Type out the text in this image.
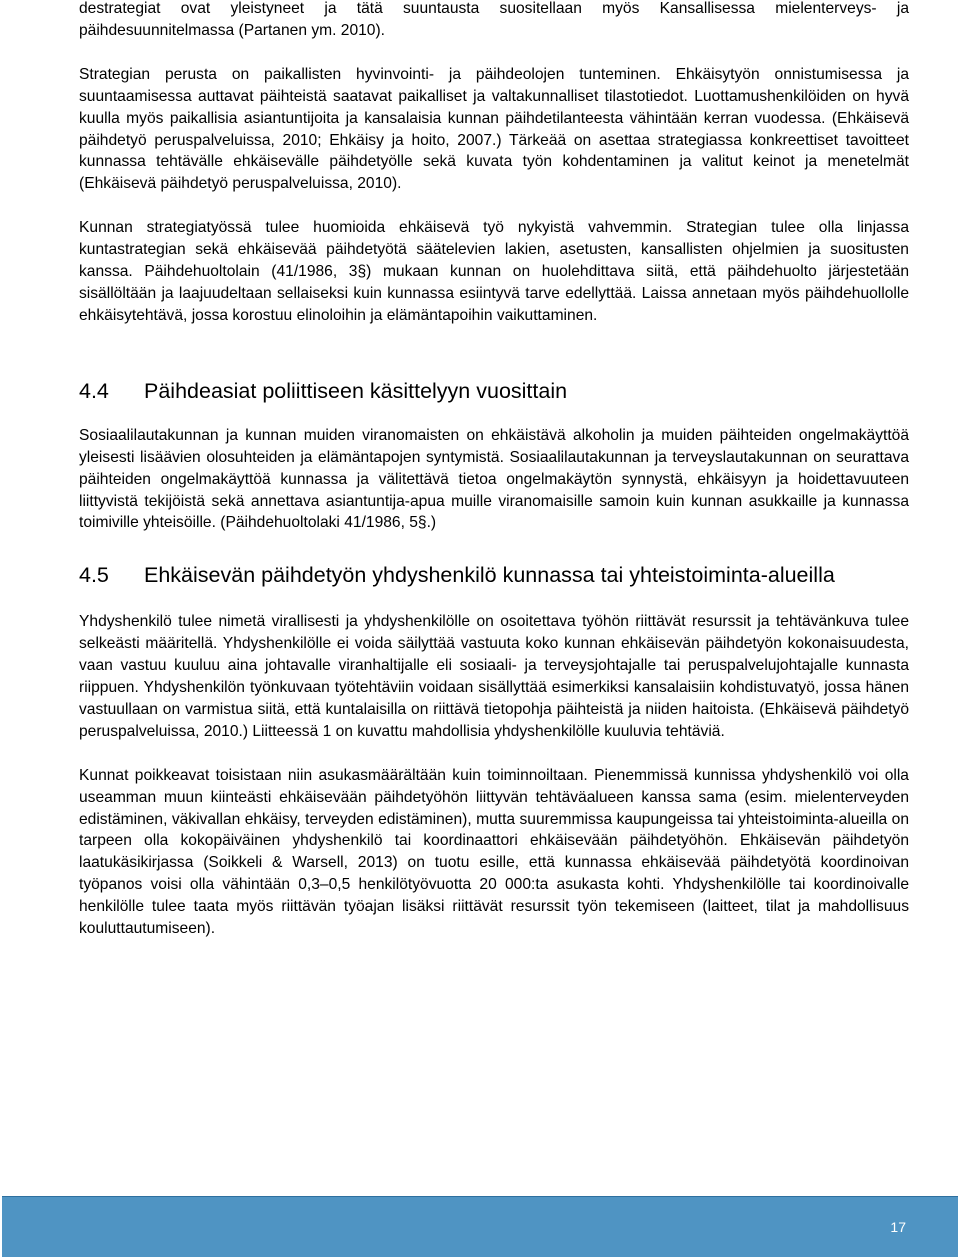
destrategiat ovat yleistyneet ja tätä suuntausta suositellaan myös Kansallisessa mielenterveys- ja päihdesuunnitelmassa (Partanen ym. 2010).

Strategian perusta on paikallisten hyvinvointi- ja päihdeolojen tunteminen. Ehkäisytyön onnistumisessa ja suuntaamisessa auttavat päihteistä saatavat paikalliset ja valtakunnalliset tilastotiedot. Luottamushenkilöiden on hyvä kuulla myös paikallisia asiantuntijoita ja kansalaisia kunnan päihdetilanteesta vähintään kerran vuodessa. (Ehkäisevä päihdetyö peruspalveluissa, 2010; Ehkäisy ja hoito, 2007.) Tärkeää on asettaa strategiassa konkreettiset tavoitteet kunnassa tehtävälle ehkäisevälle päihdetyölle sekä kuvata työn kohdentaminen ja valitut keinot ja menetelmät (Ehkäisevä päihdetyö peruspalveluissa, 2010).

Kunnan strategiatyössä tulee huomioida ehkäisevä työ nykyistä vahvemmin. Strategian tulee olla linjassa kuntastrategian sekä ehkäisevää päihdetyötä säätelevien lakien, asetusten, kansallisten ohjelmien ja suositusten kanssa. Päihdehuoltolain (41/1986, 3§) mukaan kunnan on huolehdittava siitä, että päihdehuolto järjestetään sisällöltään ja laajuudeltaan sellaiseksi kuin kunnassa esiintyvä tarve edellyttää. Laissa annetaan myös päihdehuollolle ehkäisytehtävä, jossa korostuu elinoloihin ja elämäntapoihin vaikuttaminen.

4.4	Päihdeasiat poliittiseen käsittelyyn vuosittain

Sosiaalilautakunnan ja kunnan muiden viranomaisten on ehkäistävä alkoholin ja muiden päihteiden ongelmakäyttöä yleisesti lisäävien olosuhteiden ja elämäntapojen syntymistä. Sosiaalilautakunnan ja terveyslautakunnan on seurattava päihteiden ongelmakäyttöä kunnassa ja välitettävä tietoa ongelmakäytön synnystä, ehkäisyyn ja hoidettavuuteen liittyvistä tekijöistä sekä annettava asiantuntija-apua muille viranomaisille samoin kuin kunnan asukkaille ja kunnassa toimiville yhteisöille. (Päihdehuoltolaki 41/1986, 5§.)

4.5	Ehkäisevän päihdetyön yhdyshenkilö kunnassa tai yhteistoiminta-alueilla

Yhdyshenkilö tulee nimetä virallisesti ja yhdyshenkilölle on osoitettava työhön riittävät resurssit ja tehtävänkuva tulee selkeästi määritellä. Yhdyshenkilölle ei voida säilyttää vastuuta koko kunnan ehkäisevän päihdetyön kokonaisuudesta, vaan vastuu kuuluu aina johtavalle viranhaltijalle eli sosiaali- ja terveysjohtajalle tai peruspalvelujohtajalle kunnasta riippuen. Yhdyshenkilön työnkuvaan työtehtäviin voidaan sisällyttää esimerkiksi kansalaisiin kohdistuvatyö, jossa hänen vastuullaan on varmistua siitä, että kuntalaisilla on riittävä tietopohja päihteistä ja niiden haitoista. (Ehkäisevä päihdetyö peruspalveluissa, 2010.) Liitteessä 1 on kuvattu mahdollisia yhdyshenkilölle kuuluvia tehtäviä.

Kunnat poikkeavat toisistaan niin asukasmäärältään kuin toiminnoiltaan. Pienemmissä kunnissa yhdyshenkilö voi olla useamman muun kiinteästi ehkäisevään päihdetyöhön liittyvän tehtäväalueen kanssa sama (esim. mielenterveyden edistäminen, väkivallan ehkäisy, terveyden edistäminen), mutta suuremmissa kaupungeissa tai yhteistoiminta-alueilla on tarpeen olla kokopäiväinen yhdyshenkilö tai koordinaattori ehkäisevään päihdetyöhön. Ehkäisevän päihdetyön laatukäsikirjassa (Soikkeli & Warsell, 2013) on tuotu esille, että kunnassa ehkäisevää päihdetyötä koordinoivan työpanos voisi olla vähintään 0,3–0,5 henkilötyövuotta 20 000:ta asukasta kohti. Yhdyshenkilölle tai koordinoivalle henkilölle tulee taata myös riittävän työajan lisäksi riittävät resurssit työn tekemiseen (laitteet, tilat ja mahdollisuus kouluttautumiseen).

17
